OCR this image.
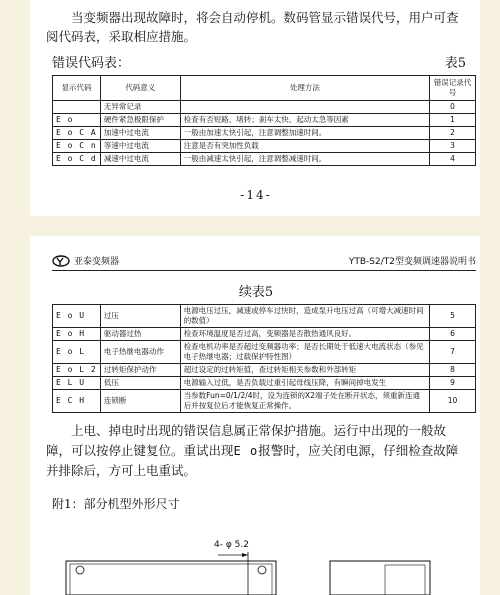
当变频器出现故障时，将会自动停机。数码管显示错误代号，用户可查阅代码表，采取相应措施。

错误代码表：	表5
显示代码	代码意义	处理方法	错误记录代号
	无异常记录		0
E o	硬件紧急极限保护	检查有否短路、堵转；刹车太快、起动太急等因素	1
E o C A	加速中过电流	一般由加速太快引起，注意调整加速时间。	2
E o C n	等速中过电流	注意是否有突加性负载	3
E o C d	减速中过电流	一般由减速太快引起，注意调整减速时间。	4
-14-
亚泰变频器	YTB-S2/T2型变频调速器说明书
续表5
E o U	过压	电源电压过压，减速或停车过快时，造成泵升电压过高（可增大减速时间的数值）	5
E o H	驱动器过热	检查环境温度是否过高，变频器是否散热通风良好。	6
E o L	电子热继电器动作	检查电机功率是否超过变频器功率；是否长期处于低速大电流状态（参见电子热继电器；过载保护特性图）	7
E o L 2	过转矩保护动作	超过设定的过转矩值，查过转矩相关参数和外部转矩	8
E L U	低压	电源输入过低，是否负载过重引起母线压降，有瞬间掉电发生	9
E C H	连锁断	当参数Fun=0/1/2/4时，设为连锁的X2端子处在断开状态，须重新连通后并按复位后才能恢复正常操作。	10

上电、掉电时出现的错误信息属正常保护措施。运行中出现的一般故障，可以按停止键复位。重试出现E o报警时，应关闭电源，仔细检查故障并排除后，方可上电重试。

附1：部分机型外形尺寸
4- φ 5.2
